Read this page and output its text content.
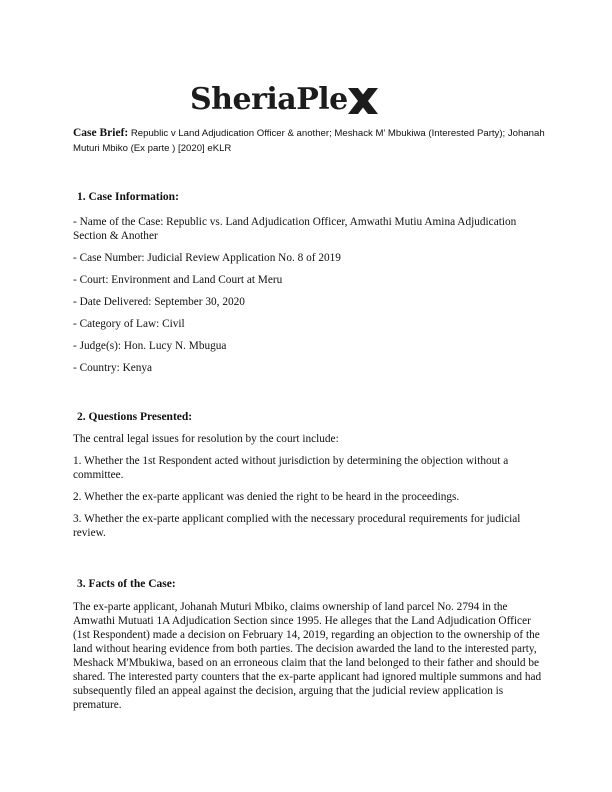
SheriaPle
Case Brief: Republic v Land Adjudication Officer & another; Meshack M’ Mbukiwa (Interested Party); Johanah Muturi Mbiko (Ex parte ) [2020] eKLR

1. Case Information:

- Name of the Case: Republic vs. Land Adjudication Officer, Amwathi Mutiu Amina Adjudication Section & Another

- Case Number: Judicial Review Application No. 8 of 2019

- Court: Environment and Land Court at Meru

- Date Delivered: September 30, 2020

- Category of Law: Civil

- Judge(s): Hon. Lucy N. Mbugua

- Country: Kenya

2. Questions Presented:

The central legal issues for resolution by the court include:

1. Whether the 1st Respondent acted without jurisdiction by determining the objection without a committee.

2. Whether the ex-parte applicant was denied the right to be heard in the proceedings.

3. Whether the ex-parte applicant complied with the necessary procedural requirements for judicial review.

3. Facts of the Case:

The ex-parte applicant, Johanah Muturi Mbiko, claims ownership of land parcel No. 2794 in the Amwathi Mutuati 1A Adjudication Section since 1995. He alleges that the Land Adjudication Officer (1st Respondent) made a decision on February 14, 2019, regarding an objection to the ownership of the land without hearing evidence from both parties. The decision awarded the land to the interested party, Meshack M'Mbukiwa, based on an erroneous claim that the land belonged to their father and should be shared. The interested party counters that the ex-parte applicant had ignored multiple summons and had subsequently filed an appeal against the decision, arguing that the judicial review application is premature.
